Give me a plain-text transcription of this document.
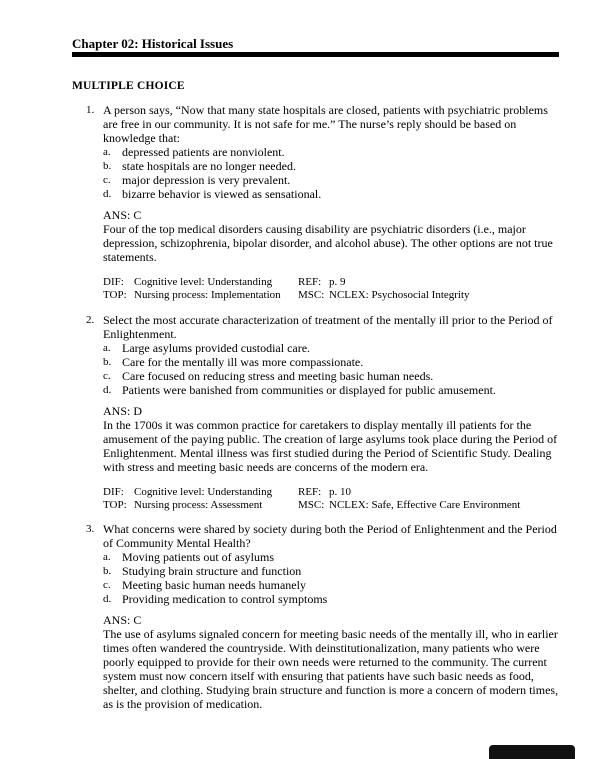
Chapter 02: Historical Issues
MULTIPLE CHOICE
1. A person says, “Now that many state hospitals are closed, patients with psychiatric problems are free in our community. It is not safe for me.” The nurse’s reply should be based on knowledge that:
a. depressed patients are nonviolent.
b. state hospitals are no longer needed.
c. major depression is very prevalent.
d. bizarre behavior is viewed as sensational.
ANS: C
Four of the top medical disorders causing disability are psychiatric disorders (i.e., major depression, schizophrenia, bipolar disorder, and alcohol abuse). The other options are not true statements.
DIF: Cognitive level: Understanding	REF: p. 9
TOP: Nursing process: Implementation	MSC: NCLEX: Psychosocial Integrity
2. Select the most accurate characterization of treatment of the mentally ill prior to the Period of Enlightenment.
a. Large asylums provided custodial care.
b. Care for the mentally ill was more compassionate.
c. Care focused on reducing stress and meeting basic human needs.
d. Patients were banished from communities or displayed for public amusement.
ANS: D
In the 1700s it was common practice for caretakers to display mentally ill patients for the amusement of the paying public. The creation of large asylums took place during the Period of Enlightenment. Mental illness was first studied during the Period of Scientific Study. Dealing with stress and meeting basic needs are concerns of the modern era.
DIF: Cognitive level: Understanding	REF: p. 10
TOP: Nursing process: Assessment	MSC: NCLEX: Safe, Effective Care Environment
3. What concerns were shared by society during both the Period of Enlightenment and the Period of Community Mental Health?
a. Moving patients out of asylums
b. Studying brain structure and function
c. Meeting basic human needs humanely
d. Providing medication to control symptoms
ANS: C
The use of asylums signaled concern for meeting basic needs of the mentally ill, who in earlier times often wandered the countryside. With deinstitutionalization, many patients who were poorly equipped to provide for their own needs were returned to the community. The current system must now concern itself with ensuring that patients have such basic needs as food, shelter, and clothing. Studying brain structure and function is more a concern of modern times, as is the provision of medication.
